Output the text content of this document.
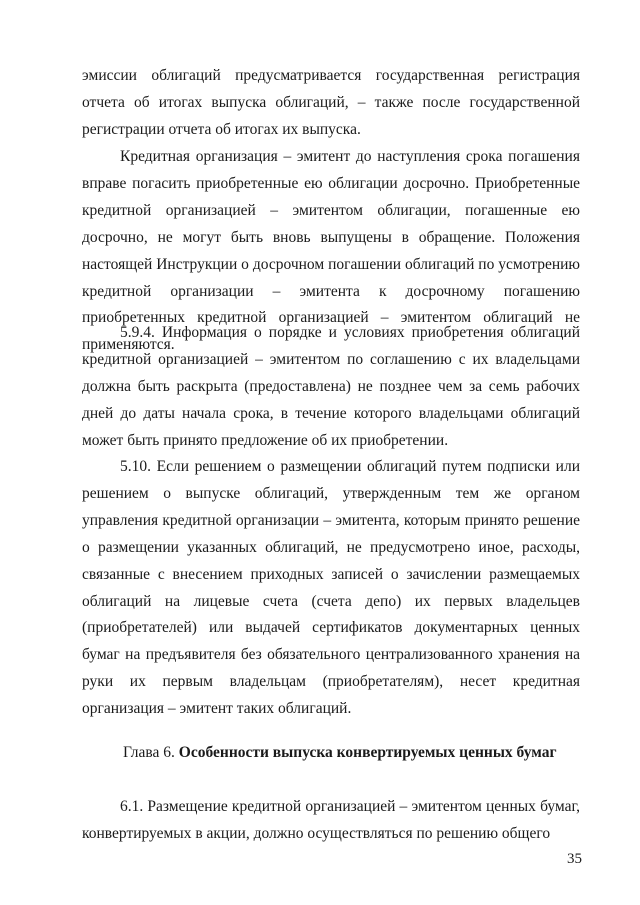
эмиссии облигаций предусматривается государственная регистрация отчета об итогах выпуска облигаций, – также после государственной регистрации отчета об итогах их выпуска.

Кредитная организация – эмитент до наступления срока погашения вправе погасить приобретенные ею облигации досрочно. Приобретенные кредитной организацией – эмитентом облигации, погашенные ею досрочно, не могут быть вновь выпущены в обращение. Положения настоящей Инструкции о досрочном погашении облигаций по усмотрению кредитной организации – эмитента к досрочному погашению приобретенных кредитной организацией – эмитентом облигаций не применяются.

5.9.4. Информация о порядке и условиях приобретения облигаций кредитной организацией – эмитентом по соглашению с их владельцами должна быть раскрыта (предоставлена) не позднее чем за семь рабочих дней до даты начала срока, в течение которого владельцами облигаций может быть принято предложение об их приобретении.

5.10. Если решением о размещении облигаций путем подписки или решением о выпуске облигаций, утвержденным тем же органом управления кредитной организации – эмитента, которым принято решение о размещении указанных облигаций, не предусмотрено иное, расходы, связанные с внесением приходных записей о зачислении размещаемых облигаций на лицевые счета (счета депо) их первых владельцев (приобретателей) или выдачей сертификатов документарных ценных бумаг на предъявителя без обязательного централизованного хранения на руки их первым владельцам (приобретателям), несет кредитная организация – эмитент таких облигаций.

Глава 6. Особенности выпуска конвертируемых ценных бумаг

6.1. Размещение кредитной организацией – эмитентом ценных бумаг, конвертируемых в акции, должно осуществляться по решению общего

35
